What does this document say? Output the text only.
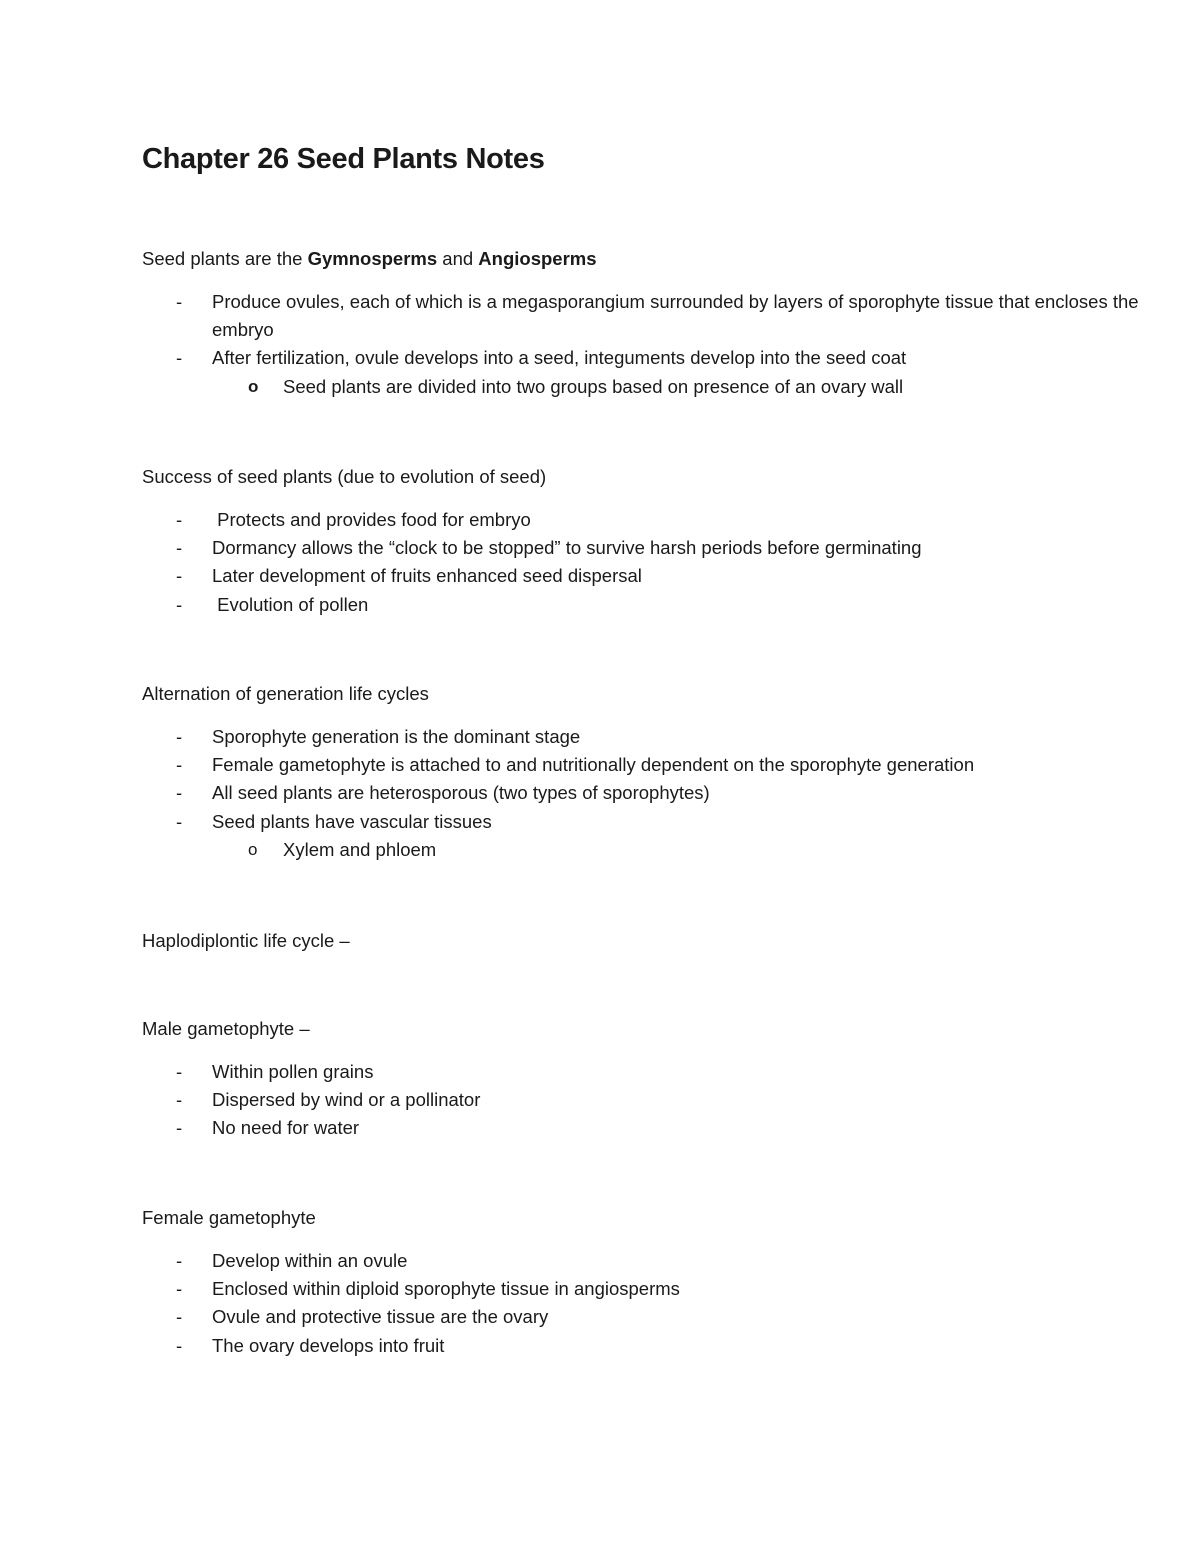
Chapter 26 Seed Plants Notes
Seed plants are the Gymnosperms and Angiosperms
- Produce ovules, each of which is a megasporangium surrounded by layers of sporophyte tissue that encloses the embryo
- After fertilization, ovule develops into a seed, integuments develop into the seed coat
o Seed plants are divided into two groups based on presence of an ovary wall
Success of seed plants (due to evolution of seed)
- Protects and provides food for embryo
- Dormancy allows the “clock to be stopped” to survive harsh periods before germinating
- Later development of fruits enhanced seed dispersal
- Evolution of pollen
Alternation of generation life cycles
- Sporophyte generation is the dominant stage
- Female gametophyte is attached to and nutritionally dependent on the sporophyte generation
- All seed plants are heterosporous (two types of sporophytes)
- Seed plants have vascular tissues
o Xylem and phloem
Haplodiplontic life cycle –
Male gametophyte –
- Within pollen grains
- Dispersed by wind or a pollinator
- No need for water
Female gametophyte
- Develop within an ovule
- Enclosed within diploid sporophyte tissue in angiosperms
- Ovule and protective tissue are the ovary
- The ovary develops into fruit
